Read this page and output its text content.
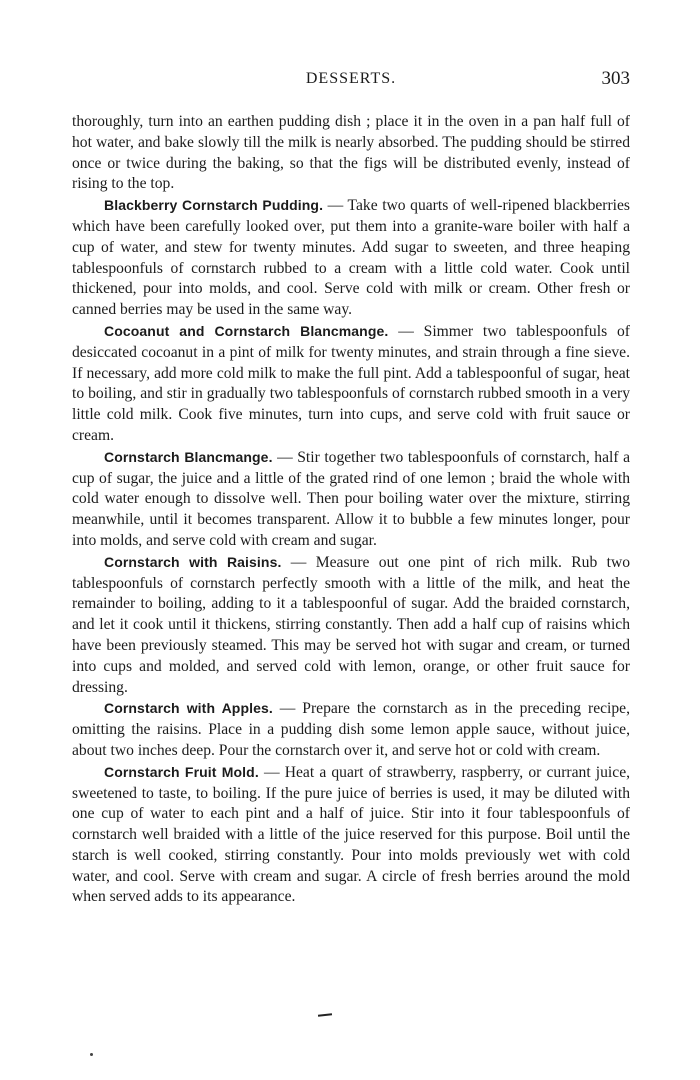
DESSERTS.	303

thoroughly, turn into an earthen pudding dish ; place it in the oven in a pan half full of hot water, and bake slowly till the milk is nearly absorbed. The pudding should be stirred once or twice during the baking, so that the figs will be distributed evenly, instead of rising to the top.

Blackberry Cornstarch Pudding. — Take two quarts of well-ripened blackberries which have been carefully looked over, put them into a granite-ware boiler with half a cup of water, and stew for twenty minutes. Add sugar to sweeten, and three heaping tablespoonfuls of cornstarch rubbed to a cream with a little cold water. Cook until thickened, pour into molds, and cool. Serve cold with milk or cream. Other fresh or canned berries may be used in the same way.

Cocoanut and Cornstarch Blancmange. — Simmer two tablespoonfuls of desiccated cocoanut in a pint of milk for twenty minutes, and strain through a fine sieve. If necessary, add more cold milk to make the full pint. Add a tablespoonful of sugar, heat to boiling, and stir in gradually two tablespoonfuls of cornstarch rubbed smooth in a very little cold milk. Cook five minutes, turn into cups, and serve cold with fruit sauce or cream.

Cornstarch Blancmange. — Stir together two tablespoonfuls of cornstarch, half a cup of sugar, the juice and a little of the grated rind of one lemon ; braid the whole with cold water enough to dissolve well. Then pour boiling water over the mixture, stirring meanwhile, until it becomes transparent. Allow it to bubble a few minutes longer, pour into molds, and serve cold with cream and sugar.

Cornstarch with Raisins. — Measure out one pint of rich milk. Rub two tablespoonfuls of cornstarch perfectly smooth with a little of the milk, and heat the remainder to boiling, adding to it a tablespoonful of sugar. Add the braided cornstarch, and let it cook until it thickens, stirring constantly. Then add a half cup of raisins which have been previously steamed. This may be served hot with sugar and cream, or turned into cups and molded, and served cold with lemon, orange, or other fruit sauce for dressing.

Cornstarch with Apples. — Prepare the cornstarch as in the preceding recipe, omitting the raisins. Place in a pudding dish some lemon apple sauce, without juice, about two inches deep. Pour the cornstarch over it, and serve hot or cold with cream.

Cornstarch Fruit Mold. — Heat a quart of strawberry, raspberry, or currant juice, sweetened to taste, to boiling. If the pure juice of berries is used, it may be diluted with one cup of water to each pint and a half of juice. Stir into it four tablespoonfuls of cornstarch well braided with a little of the juice reserved for this purpose. Boil until the starch is well cooked, stirring constantly. Pour into molds previously wet with cold water, and cool. Serve with cream and sugar. A circle of fresh berries around the mold when served adds to its appearance.
